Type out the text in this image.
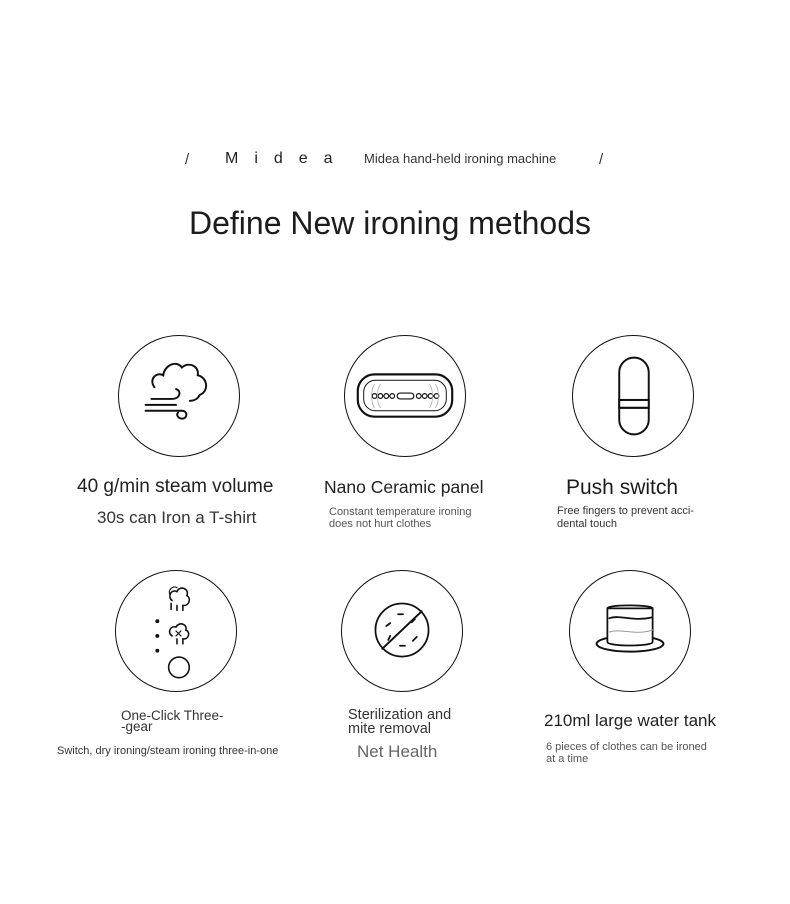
/ Midea Midea hand-held ironing machine	/
Define New ironing methods
40 g/min steam volume
30s can Iron a T-shirt
Nano Ceramic panel
Constant temperature ironing
does not hurt clothes
Push switch
Free fingers to prevent acci-
dental touch
One-Click Three-
-gear
Switch, dry ironing/steam ironing three-in-one
Sterilization and
mite removal
Net Health
210ml large water tank
6 pieces of clothes can be ironed
at a time
